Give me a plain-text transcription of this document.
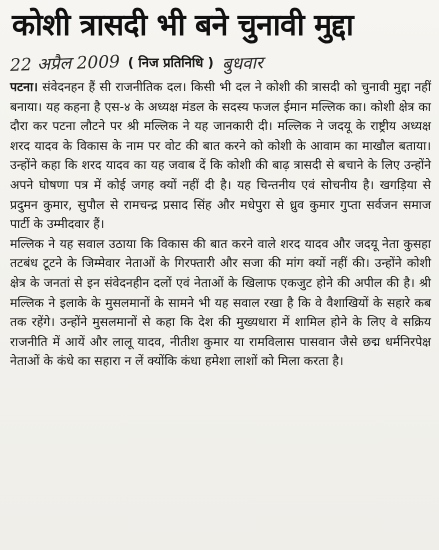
कोशी त्रासदी भी बने चुनावी मुद्दा
22 अप्रैल 2009 ( निज प्रतिनिधि ) बुधवार

पटना। संवेदनहन हैं सी राजनीतिक दल। किसी भी दल ने कोशी की त्रासदी को चुनावी मुद्दा नहीं बनाया। यह कहना है एस-४ के अध्यक्ष मंडल के सदस्य फजल ईमान मल्लिक का। कोशी क्षेत्र का दौरा कर पटना लौटने पर श्री मल्लिक ने यह जानकारी दी। मल्लिक ने जदयू के राष्ट्रीय अध्यक्ष शरद यादव के विकास के नाम पर वोट की बात करने को कोशी के आवाम का माखौल बताया। उन्होंने कहा कि शरद यादव का यह जवाब दें कि कोशी की बाढ़ त्रासदी से बचाने के लिए उन्होंने अपने घोषणा पत्र में कोई जगह क्यों नहीं दी है। यह चिन्तनीय एवं सोचनीय है। खगड़िया से प्रदुमन कुमार, सुपौल से रामचन्द्र प्रसाद सिंह और मधेपुरा से ध्रुव कुमार गुप्ता सर्वजन समाज पार्टी के उम्मीदवार हैं।

मल्लिक ने यह सवाल उठाया कि विकास की बात करने वाले शरद यादव और जदयू नेता कुसहा तटबंध टूटने के जिम्मेवार नेताओं के गिरफ्तारी और सजा की मांग क्यों नहीं की। उन्होंने कोशी क्षेत्र के जनतां से इन संवेदनहीन दलों एवं नेताओं के खिलाफ एकजुट होने की अपील की है। श्री मल्लिक ने इलाके के मुसलमानों के सामने भी यह सवाल रखा है कि वे वैशाखियों के सहारे कब तक रहेंगे। उन्होंने मुसलमानों से कहा कि देश की मुख्यधारा में शामिल होने के लिए वे सक्रिय राजनीति में आयें और लालू यादव, नीतीश कुमार या रामविलास पासवान जैसे छद्म धर्मनिरपेक्ष नेताओं के कंधे का सहारा न लें क्योंकि कंधा हमेशा लाशों को मिला करता है।
